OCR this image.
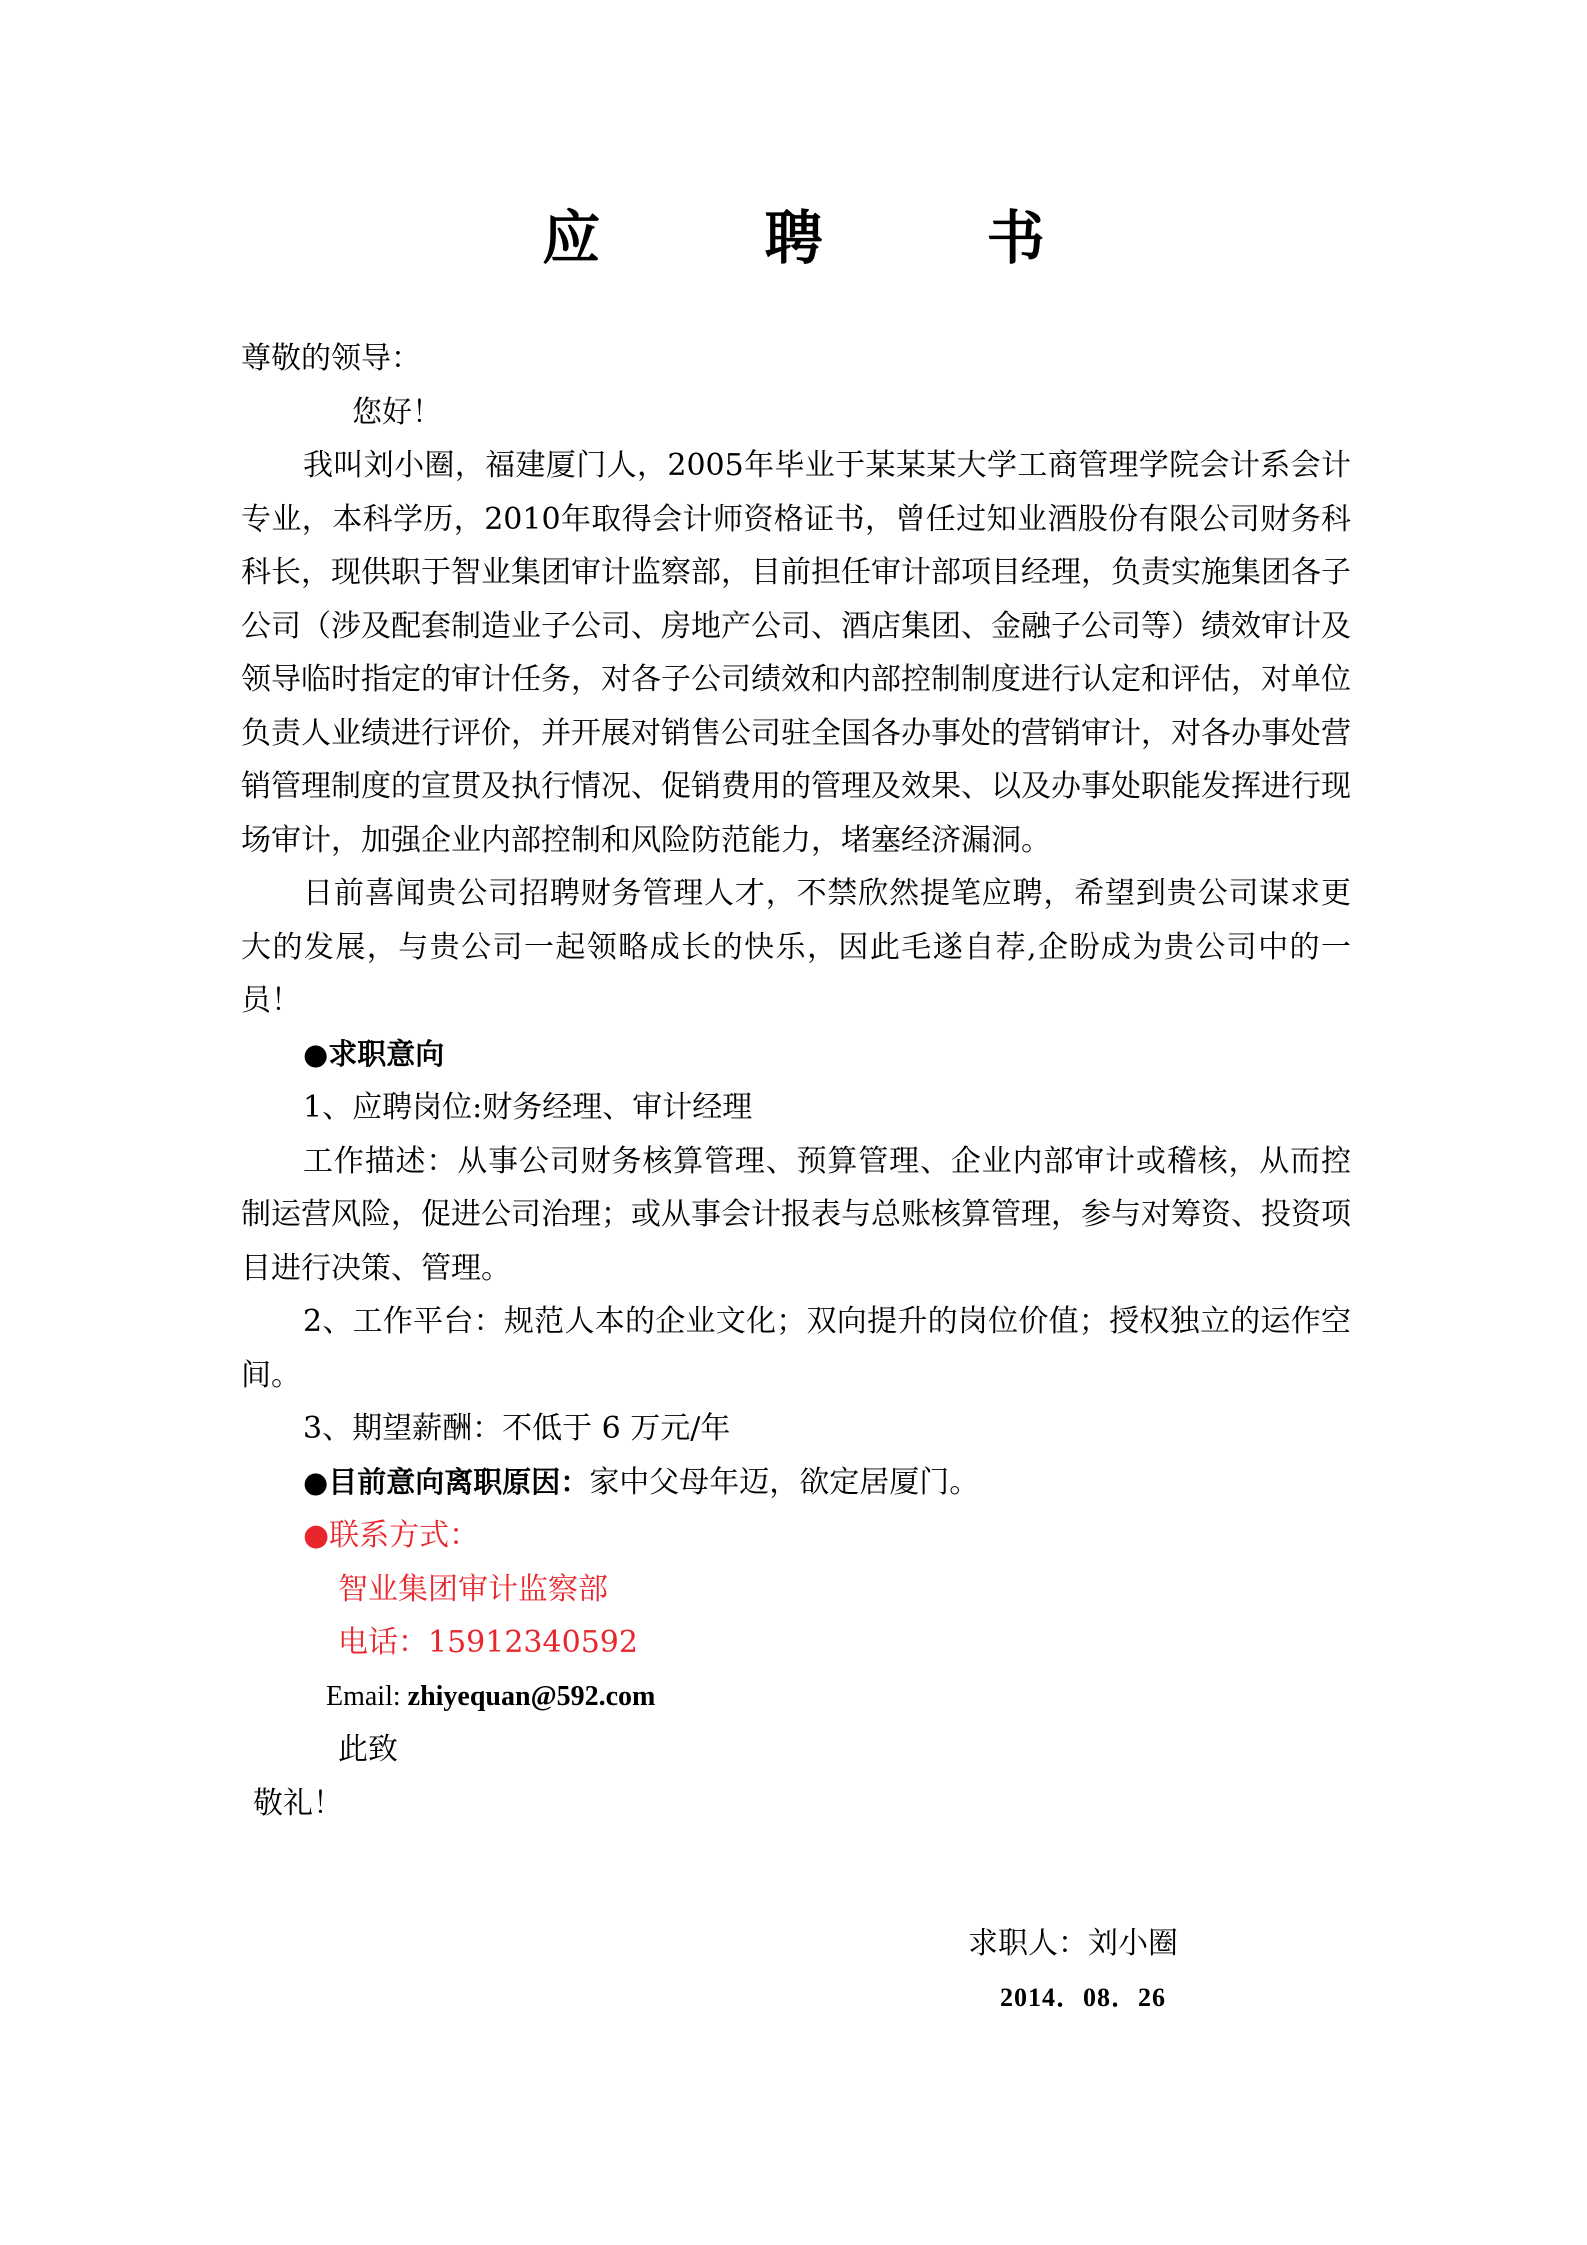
应 聘 书

尊敬的领导：

您好！

我叫刘小圈，福建厦门人，2005年毕业于某某某大学工商管理学院会计系会计专业，本科学历，2010年取得会计师资格证书，曾任过知业酒股份有限公司财务科科长，现供职于智业集团审计监察部，目前担任审计部项目经理，负责实施集团各子公司（涉及配套制造业子公司、房地产公司、酒店集团、金融子公司等）绩效审计及领导临时指定的审计任务，对各子公司绩效和内部控制制度进行认定和评估，对单位负责人业绩进行评价，并开展对销售公司驻全国各办事处的营销审计，对各办事处营销管理制度的宣贯及执行情况、促销费用的管理及效果、以及办事处职能发挥进行现场审计，加强企业内部控制和风险防范能力，堵塞经济漏洞。

日前喜闻贵公司招聘财务管理人才，不禁欣然提笔应聘，希望到贵公司谋求更大的发展，与贵公司一起领略成长的快乐，因此毛遂自荐,企盼成为贵公司中的一员！

●求职意向

1、应聘岗位:财务经理、审计经理

工作描述：从事公司财务核算管理、预算管理、企业内部审计或稽核，从而控制运营风险，促进公司治理；或从事会计报表与总账核算管理，参与对筹资、投资项目进行决策、管理。

2、工作平台：规范人本的企业文化；双向提升的岗位价值；授权独立的运作空间。

3、期望薪酬：不低于 6 万元/年

●目前意向离职原因：家中父母年迈，欲定居厦门。

●联系方式：

智业集团审计监察部

电话：15912340592

Email: zhiyequan@592.com

此致

敬礼！

求职人：刘小圈
2014．08．26
